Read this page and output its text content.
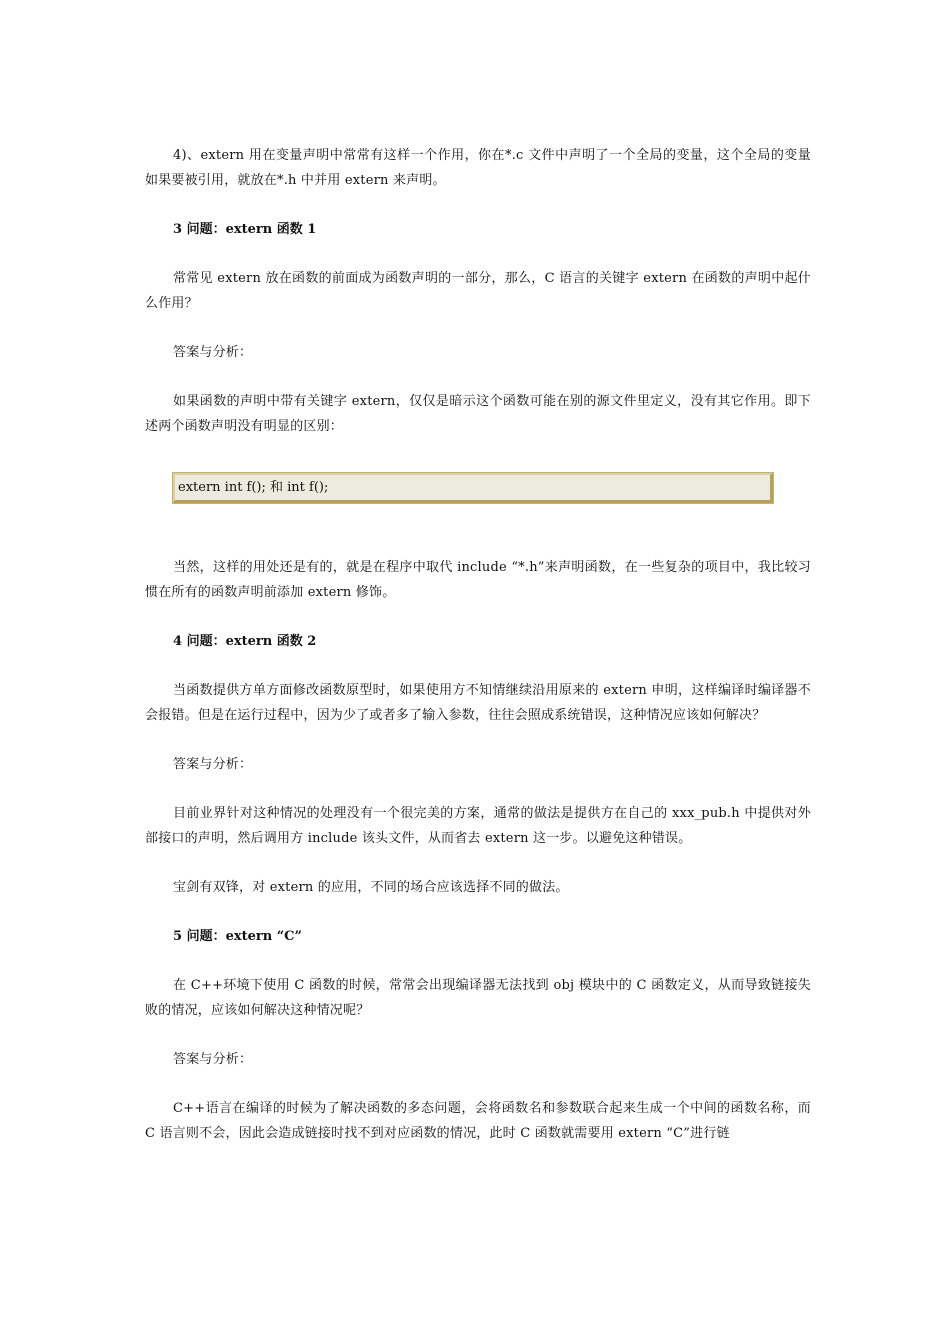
4)、extern 用在变量声明中常常有这样一个作用，你在*.c 文件中声明了一个全局的变量，这个全局的变量如果要被引用，就放在*.h 中并用 extern 来声明。

3 问题：extern 函数 1

常常见 extern 放在函数的前面成为函数声明的一部分，那么，C 语言的关键字 extern 在函数的声明中起什么作用？

答案与分析：

如果函数的声明中带有关键字 extern，仅仅是暗示这个函数可能在别的源文件里定义，没有其它作用。即下述两个函数声明没有明显的区别：

extern int f(); 和 int f();

当然，这样的用处还是有的，就是在程序中取代 include “*.h”来声明函数，在一些复杂的项目中，我比较习惯在所有的函数声明前添加 extern 修饰。

4 问题：extern 函数 2

当函数提供方单方面修改函数原型时，如果使用方不知情继续沿用原来的 extern 申明，这样编译时编译器不会报错。但是在运行过程中，因为少了或者多了输入参数，往往会照成系统错误，这种情况应该如何解决？

答案与分析：

目前业界针对这种情况的处理没有一个很完美的方案，通常的做法是提供方在自己的 xxx_pub.h 中提供对外部接口的声明，然后调用方 include 该头文件，从而省去 extern 这一步。以避免这种错误。

宝剑有双锋，对 extern 的应用，不同的场合应该选择不同的做法。

5 问题：extern “C”

在 C++环境下使用 C 函数的时候，常常会出现编译器无法找到 obj 模块中的 C 函数定义，从而导致链接失败的情况，应该如何解决这种情况呢？

答案与分析：

C++语言在编译的时候为了解决函数的多态问题，会将函数名和参数联合起来生成一个中间的函数名称，而 C 语言则不会，因此会造成链接时找不到对应函数的情况，此时 C 函数就需要用 extern “C”进行链
